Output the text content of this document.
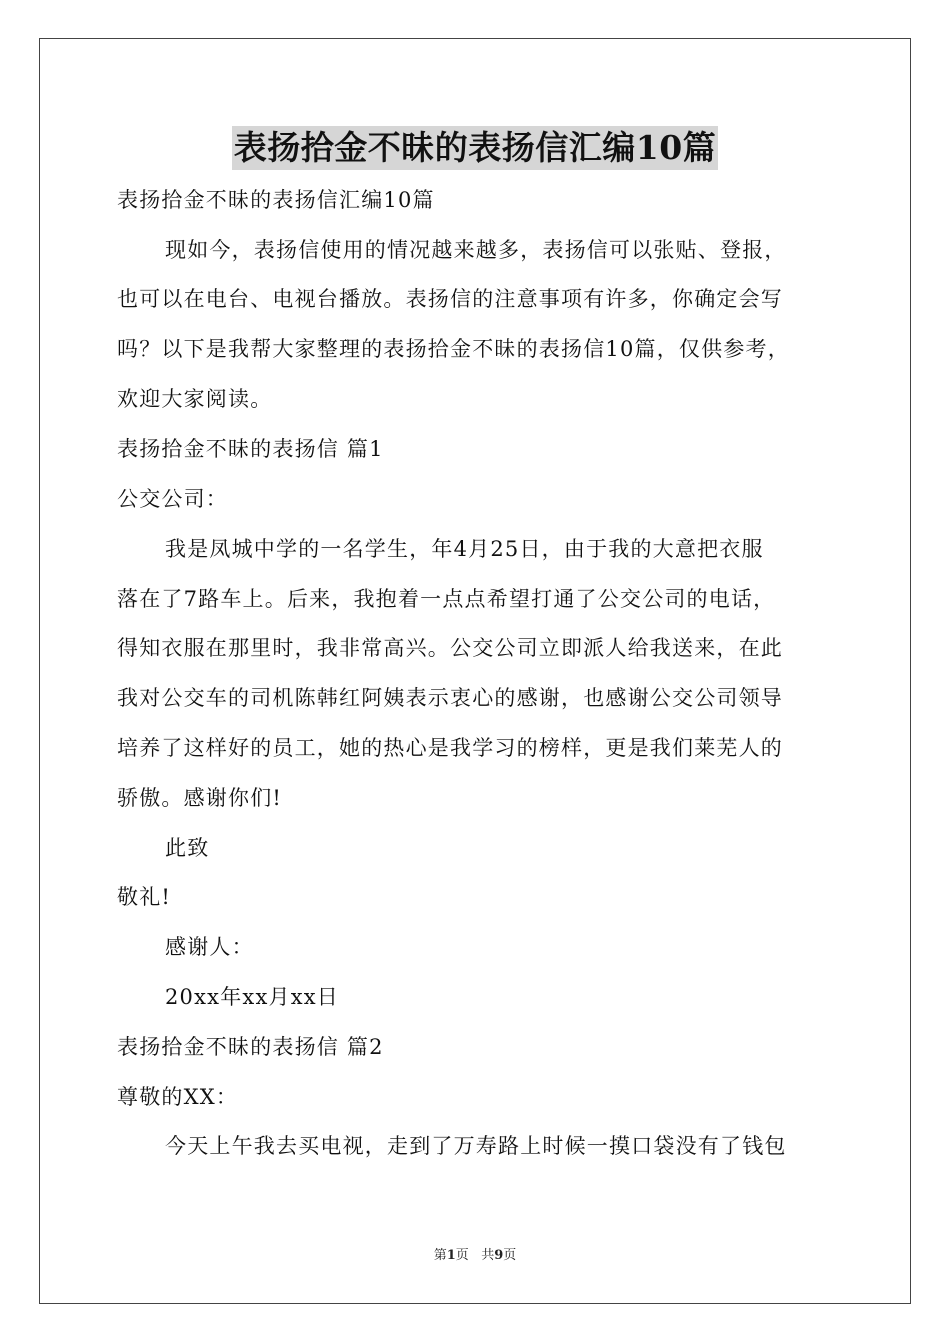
表扬拾金不昧的表扬信汇编10篇
表扬拾金不昧的表扬信汇编10篇
现如今，表扬信使用的情况越来越多，表扬信可以张贴、登报，
也可以在电台、电视台播放。表扬信的注意事项有许多，你确定会写
吗？以下是我帮大家整理的表扬拾金不昧的表扬信10篇，仅供参考，
欢迎大家阅读。
表扬拾金不昧的表扬信 篇1
公交公司：
我是凤城中学的一名学生，年4月25日，由于我的大意把衣服
落在了7路车上。后来，我抱着一点点希望打通了公交公司的电话，
得知衣服在那里时，我非常高兴。公交公司立即派人给我送来，在此
我对公交车的司机陈韩红阿姨表示衷心的感谢，也感谢公交公司领导
培养了这样好的员工，她的热心是我学习的榜样，更是我们莱芜人的
骄傲。感谢你们!
此致
敬礼!
感谢人：
20xx年xx月xx日
表扬拾金不昧的表扬信 篇2
尊敬的XX：
今天上午我去买电视，走到了万寿路上时候一摸口袋没有了钱包
第1页 共9页
